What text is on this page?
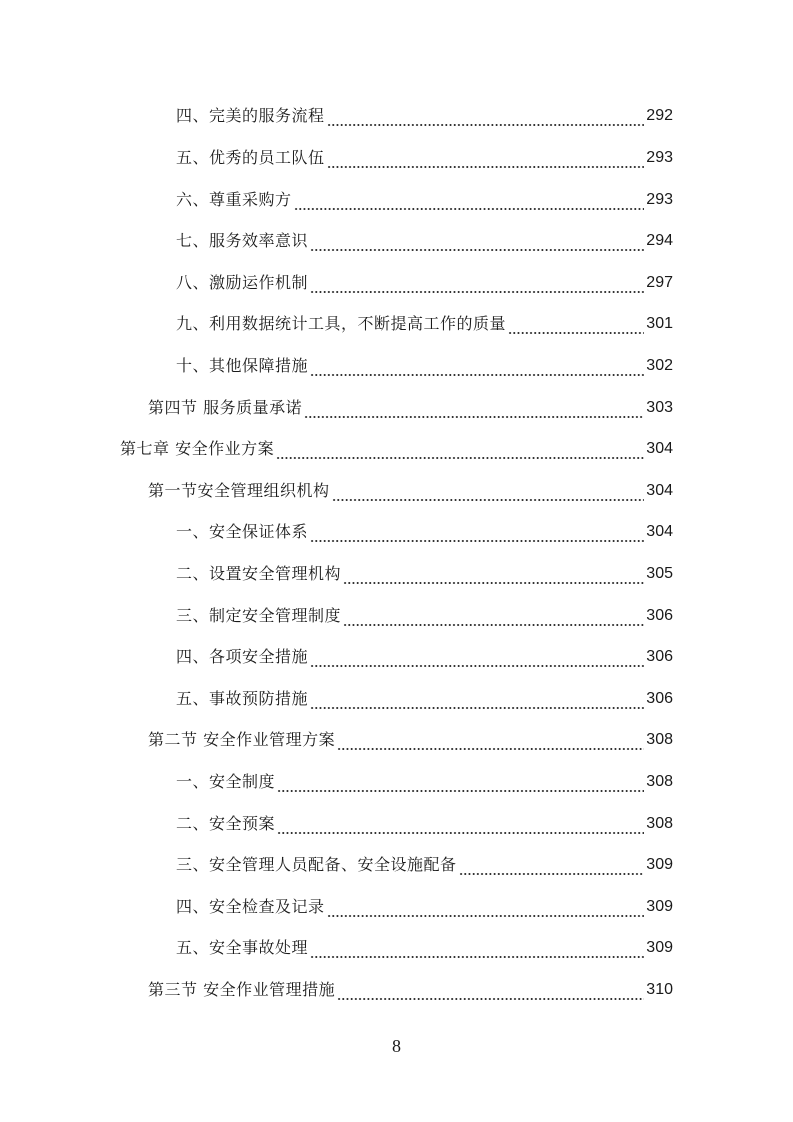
四、完美的服务流程	292
五、优秀的员工队伍	293
六、尊重采购方	293
七、服务效率意识	294
八、激励运作机制	297
九、利用数据统计工具，不断提高工作的质量	301
十、其他保障措施	302
第四节 服务质量承诺	303
第七章 安全作业方案	304
第一节安全管理组织机构	304
一、安全保证体系	304
二、设置安全管理机构	305
三、制定安全管理制度	306
四、各项安全措施	306
五、事故预防措施	306
第二节 安全作业管理方案	308
一、安全制度	308
二、安全预案	308
三、安全管理人员配备、安全设施配备	309
四、安全检查及记录	309
五、安全事故处理	309
第三节 安全作业管理措施	310
8
